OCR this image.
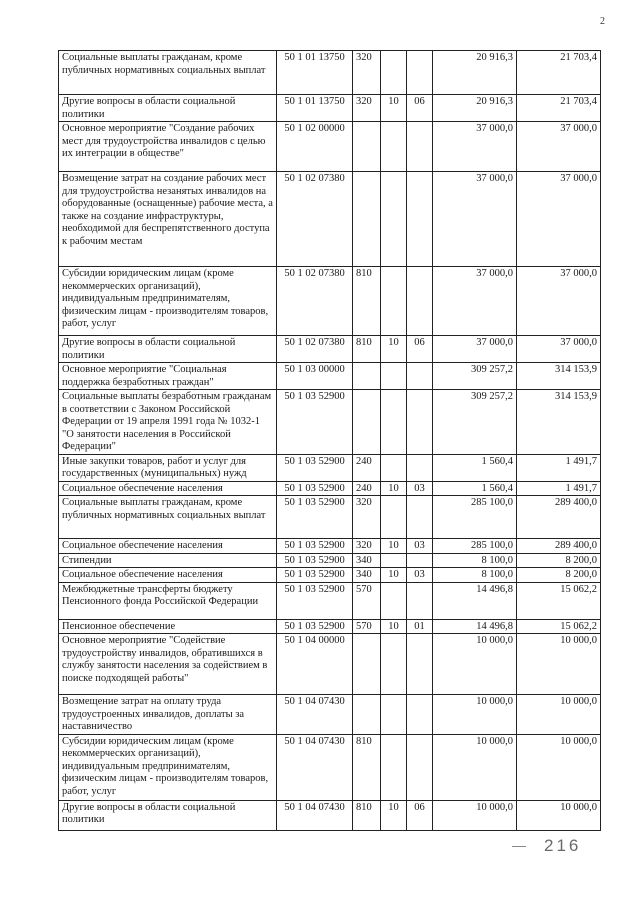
2
Социальные выплаты гражданам, кроме публичных нормативных социальных выплат	50 1 01 13750	320			20 916,3	21 703,4
Другие вопросы в области социальной политики	50 1 01 13750	320	10	06	20 916,3	21 703,4
Основное мероприятие "Создание рабочих мест для трудоустройства инвалидов с целью их интеграции в обществе"	50 1 02 00000				37 000,0	37 000,0
Возмещение затрат на создание рабочих мест для трудоустройства незанятых инвалидов на оборудованные (оснащенные) рабочие места, а также на создание инфраструктуры, необходимой для беспрепятственного доступа к рабочим местам	50 1 02 07380				37 000,0	37 000,0
Субсидии юридическим лицам (кроме некоммерческих организаций), индивидуальным предпринимателям, физическим лицам - производителям товаров, работ, услуг	50 1 02 07380	810			37 000,0	37 000,0
Другие вопросы в области социальной политики	50 1 02 07380	810	10	06	37 000,0	37 000,0
Основное мероприятие "Социальная поддержка безработных граждан"	50 1 03 00000				309 257,2	314 153,9
Социальные выплаты безработным гражданам в соответствии с Законом Российской Федерации от 19 апреля 1991 года № 1032-1 "О занятости населения в Российской Федерации"	50 1 03 52900				309 257,2	314 153,9
Иные закупки товаров, работ и услуг для государственных (муниципальных) нужд	50 1 03 52900	240			1 560,4	1 491,7
Социальное обеспечение населения	50 1 03 52900	240	10	03	1 560,4	1 491,7
Социальные выплаты гражданам, кроме публичных нормативных социальных выплат	50 1 03 52900	320			285 100,0	289 400,0
Социальное обеспечение населения	50 1 03 52900	320	10	03	285 100,0	289 400,0
Стипендии	50 1 03 52900	340			8 100,0	8 200,0
Социальное обеспечение населения	50 1 03 52900	340	10	03	8 100,0	8 200,0
Межбюджетные трансферты бюджету Пенсионного фонда Российской Федерации	50 1 03 52900	570			14 496,8	15 062,2
Пенсионное обеспечение	50 1 03 52900	570	10	01	14 496,8	15 062,2
Основное мероприятие "Содействие трудоустройству инвалидов, обратившихся в службу занятости населения за содействием в поиске подходящей работы"	50 1 04 00000				10 000,0	10 000,0
Возмещение затрат на оплату труда трудоустроенных инвалидов, доплаты за наставничество	50 1 04 07430				10 000,0	10 000,0
Субсидии юридическим лицам (кроме некоммерческих организаций), индивидуальным предпринимателям, физическим лицам - производителям товаров, работ, услуг	50 1 04 07430	810			10 000,0	10 000,0
Другие вопросы в области социальной политики	50 1 04 07430	810	10	06	10 000,0	10 000,0
216
